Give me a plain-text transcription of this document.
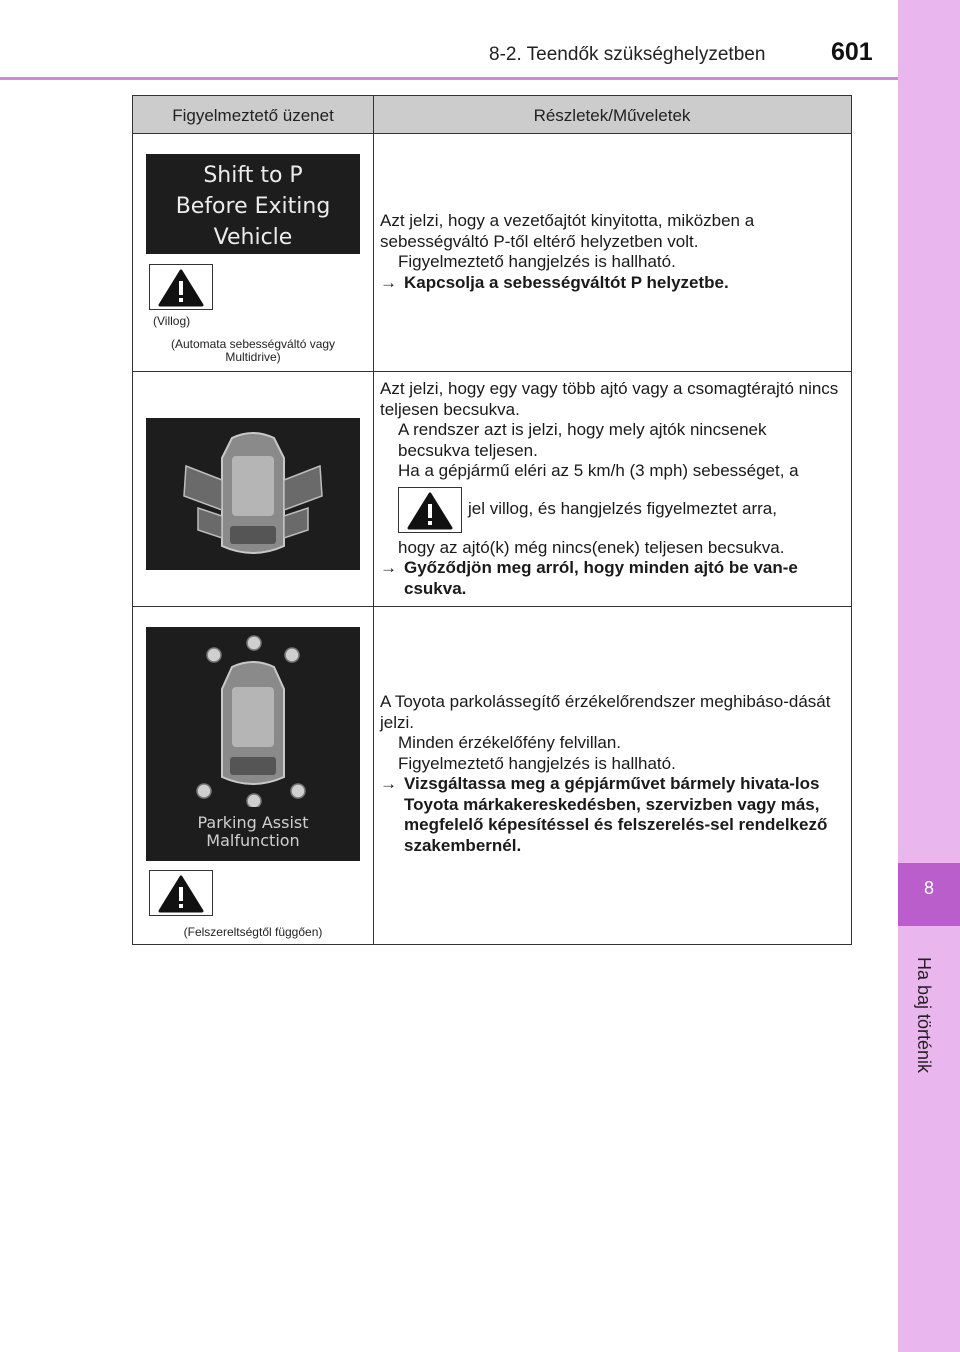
8-2. Teendők szükséghelyzetben	601
8
Ha baj történik
Figyelmeztető üzenet	Részletek/Műveletek
Shift to P
Before Exiting
Vehicle
(Villog)
(Automata sebességváltó vagy Multidrive)

Azt jelzi, hogy a vezetőajtót kinyitotta, miközben a sebességváltó P-től eltérő helyzetben volt.

Figyelmeztető hangjelzés is hallható.

→ Kapcsolja a sebességváltót P helyzetbe.

Azt jelzi, hogy egy vagy több ajtó vagy a csomagtérajtó nincs teljesen becsukva.

A rendszer azt is jelzi, hogy mely ajtók nincsenek becsukva teljesen.

Ha a gépjármű eléri az 5 km/h (3 mph) sebességet, a

jel villog, és hangjelzés figyelmeztet arra,

hogy az ajtó(k) még nincs(enek) teljesen becsukva.

→ Győződjön meg arról, hogy minden ajtó be van-e csukva.
Parking Assist
Malfunction
(Felszereltségtől függően)

A Toyota parkolássegítő érzékelőrendszer meghibáso-dását jelzi.

Minden érzékelőfény felvillan.

Figyelmeztető hangjelzés is hallható.

→ Vizsgáltassa meg a gépjárművet bármely hivata-los Toyota márkakereskedésben, szervizben vagy más, megfelelő képesítéssel és felszerelés-sel rendelkező szakembernél.
